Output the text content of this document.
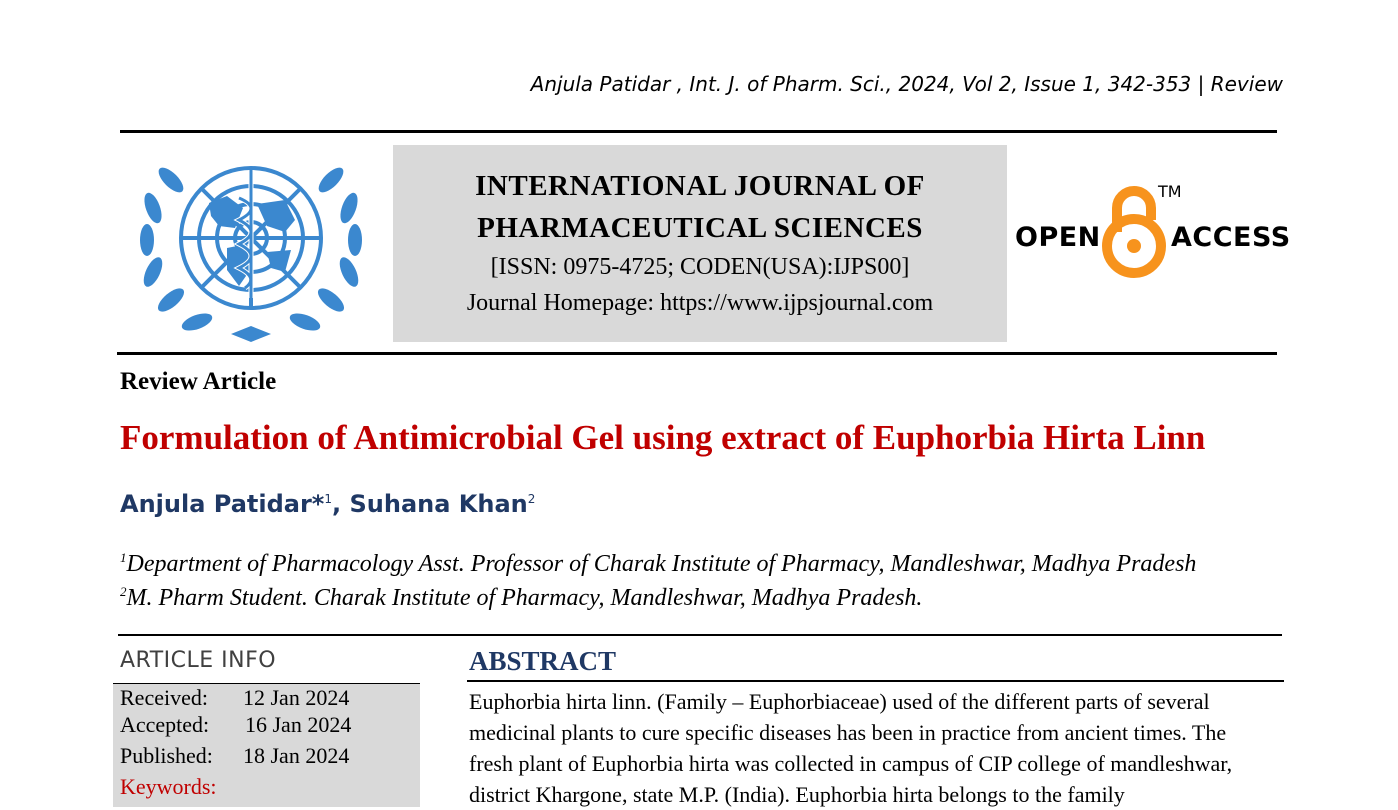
Anjula Patidar , Int. J. of Pharm. Sci., 2024, Vol 2, Issue 1, 342-353 | Review
INTERNATIONAL JOURNAL OF
PHARMACEUTICAL SCIENCES
[ISSN: 0975-4725; CODEN(USA):IJPS00]
Journal Homepage: https://www.ijpsjournal.com
OPEN
TM
ACCESS
Review Article
Formulation of Antimicrobial Gel using extract of Euphorbia Hirta Linn
Anjula Patidar*$^1$, Suhana Khan$^2$
$^1$Department of Pharmacology Asst. Professor of Charak Institute of Pharmacy, Mandleshwar, Madhya Pradesh
$^2$M. Pharm Student. Charak Institute of Pharmacy, Mandleshwar, Madhya Pradesh.
ARTICLE INFO
Received: 12 Jan 2024
Accepted: 16 Jan 2024
Published: 18 Jan 2024
Keywords:
ABSTRACT

Euphorbia hirta linn. (Family – Euphorbiaceae) used of the different parts of several

medicinal plants to cure specific diseases has been in practice from ancient times. The

fresh plant of Euphorbia hirta was collected in campus of CIP college of mandleshwar,

district Khargone, state M.P. (India). Euphorbia hirta belongs to the family
